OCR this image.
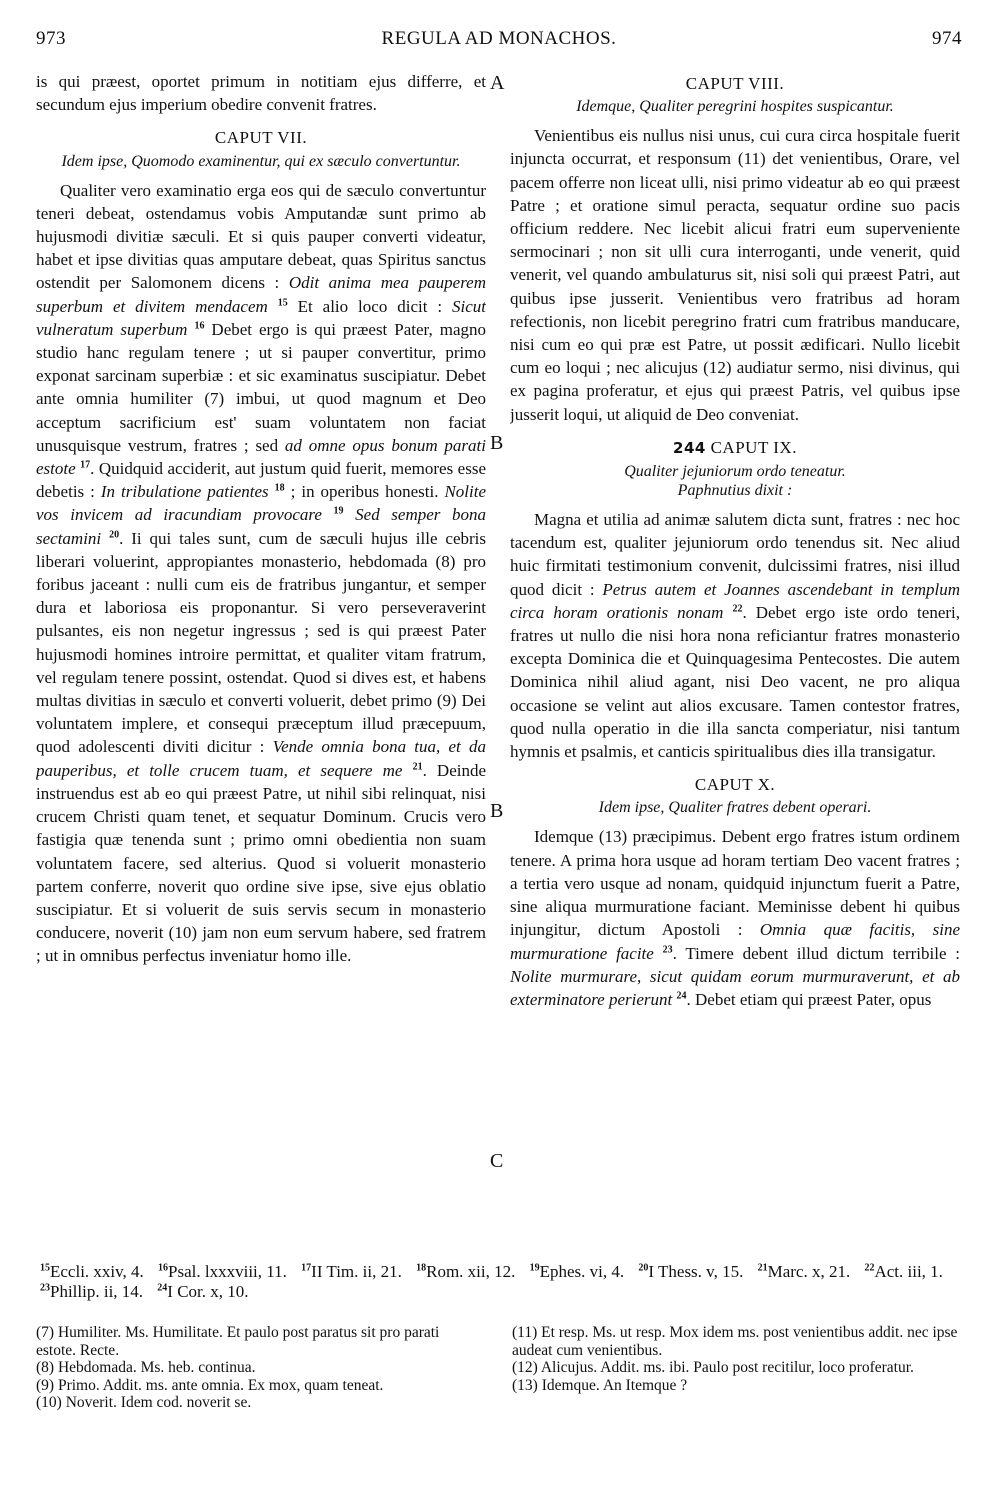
973	REGULA AD MONACHOS.	974
A
B
B
C

is qui præest, oportet primum in notitiam ejus differre, et secundum ejus imperium obedire convenit fratres.

CAPUT VII.
Idem ipse, Quomodo examinentur, qui ex sæculo convertuntur.

Qualiter vero examinatio erga eos qui de sæculo convertuntur teneri debeat, ostendamus vobis Amputandæ sunt primo ab hujusmodi divitiæ sæculi. Et si quis pauper converti videatur, habet et ipse divitias quas amputare debeat, quas Spiritus sanctus ostendit per Salomonem dicens : Odit anima mea pauperem superbum et divitem mendacem $^{15}$ Et alio loco dicit : Sicut vulneratum superbum $^{16}$ Debet ergo is qui præest Pater, magno studio hanc regulam tenere ; ut si pauper convertitur, primo exponat sarcinam superbiæ : et sic examinatus suscipiatur. Debet ante omnia humiliter (7) imbui, ut quod magnum et Deo acceptum sacrificium est' suam voluntatem non faciat unusquisque vestrum, fratres ; sed ad omne opus bonum parati estote $^{17}$. Quidquid acciderit, aut justum quid fuerit, memores esse debetis : In tribulatione patientes $^{18}$ ; in operibus honesti. Nolite vos invicem ad iracundiam provocare $^{19}$ Sed semper bona sectamini $^{20}$. Ii qui tales sunt, cum de sæculi hujus ille cebris liberari voluerint, appropiantes monasterio, hebdomada (8) pro foribus jaceant : nulli cum eis de fratribus jungantur, et semper dura et laboriosa eis proponantur. Si vero perseveraverint pulsantes, eis non negetur ingressus ; sed is qui præest Pater hujusmodi homines introire permittat, et qualiter vitam fratrum, vel regulam tenere possint, ostendat. Quod si dives est, et habens multas divitias in sæculo et converti voluerit, debet primo (9) Dei voluntatem implere, et consequi præceptum illud præcepuum, quod adolescenti diviti dicitur : Vende omnia bona tua, et da pauperibus, et tolle crucem tuam, et sequere me $^{21}$. Deinde instruendus est ab eo qui præest Patre, ut nihil sibi relinquat, nisi crucem Christi quam tenet, et sequatur Dominum. Crucis vero fastigia quæ tenenda sunt ; primo omni obedientia non suam voluntatem facere, sed alterius. Quod si voluerit monasterio partem conferre, noverit quo ordine sive ipse, sive ejus oblatio suscipiatur. Et si voluerit de suis servis secum in monasterio conducere, noverit (10) jam non eum servum habere, sed fratrem ; ut in omnibus perfectus inveniatur homo ille.

CAPUT VIII.
Idemque, Qualiter peregrini hospites suspicantur.

Venientibus eis nullus nisi unus, cui cura circa hospitale fuerit injuncta occurrat, et responsum (11) det venientibus, Orare, vel pacem offerre non liceat ulli, nisi primo videatur ab eo qui præest Patre ; et oratione simul peracta, sequatur ordine suo pacis officium reddere. Nec licebit alicui fratri eum superveniente sermocinari ; non sit ulli cura interroganti, unde venerit, quid venerit, vel quando ambulaturus sit, nisi soli qui præest Patri, aut quibus ipse jusserit. Venientibus vero fratribus ad horam refectionis, non licebit peregrino fratri cum fratribus manducare, nisi cum eo qui præ est Patre, ut possit ædificari. Nullo licebit cum eo loqui ; nec alicujus (12) audiatur sermo, nisi divinus, qui ex pagina proferatur, et ejus qui præest Patris, vel quibus ipse jusserit loqui, ut aliquid de Deo conveniat.

244 CAPUT IX.
Qualiter jejuniorum ordo teneatur.
Paphnutius dixit :

Magna et utilia ad animæ salutem dicta sunt, fratres : nec hoc tacendum est, qualiter jejuniorum ordo tenendus sit. Nec aliud huic firmitati testimonium convenit, dulcissimi fratres, nisi illud quod dicit : Petrus autem et Joannes ascendebant in templum circa horam orationis nonam $^{22}$. Debet ergo iste ordo teneri, fratres ut nullo die nisi hora nona reficiantur fratres monasterio excepta Dominica die et Quinquagesima Pentecostes. Die autem Dominica nihil aliud agant, nisi Deo vacent, ne pro aliqua occasione se velint aut alios excusare. Tamen contestor fratres, quod nulla operatio in die illa sancta comperiatur, nisi tantum hymnis et psalmis, et canticis spiritualibus dies illa transigatur.

CAPUT X.
Idem ipse, Qualiter fratres debent operari.

Idemque (13) præcipimus. Debent ergo fratres istum ordinem tenere. A prima hora usque ad horam tertiam Deo vacent fratres ; a tertia vero usque ad nonam, quidquid injunctum fuerit a Patre, sine aliqua murmuratione faciant. Meminisse debent hi quibus injungitur, dictum Apostoli : Omnia quæ facitis, sine murmuratione facite $^{23}$. Timere debent illud dictum terribile : Nolite murmurare, sicut quidam eorum murmuraverunt, et ab exterminatore perierunt $^{24}$. Debet etiam qui præest Pater, opus

$^{15}$Eccli. xxiv, 4. $^{16}$Psal. lxxxviii, 11. $^{17}$II Tim. ii, 21. $^{18}$Rom. xii, 12. $^{19}$Ephes. vi, 4. $^{20}$I Thess. v, 15. $^{21}$Marc. x, 21. $^{22}$Act. iii, 1. $^{23}$Phillip. ii, 14. $^{24}$I Cor. x, 10.

(7) Humiliter. Ms. Humilitate. Et paulo post paratus sit pro parati estote. Recte.

(8) Hebdomada. Ms. heb. continua.

(9) Primo. Addit. ms. ante omnia. Ex mox, quam teneat.

(10) Noverit. Idem cod. noverit se.

(11) Et resp. Ms. ut resp. Mox idem ms. post venientibus addit. nec ipse audeat cum venientibus.

(12) Alicujus. Addit. ms. ibi. Paulo post recitilur, loco proferatur.

(13) Idemque. An Itemque ?
